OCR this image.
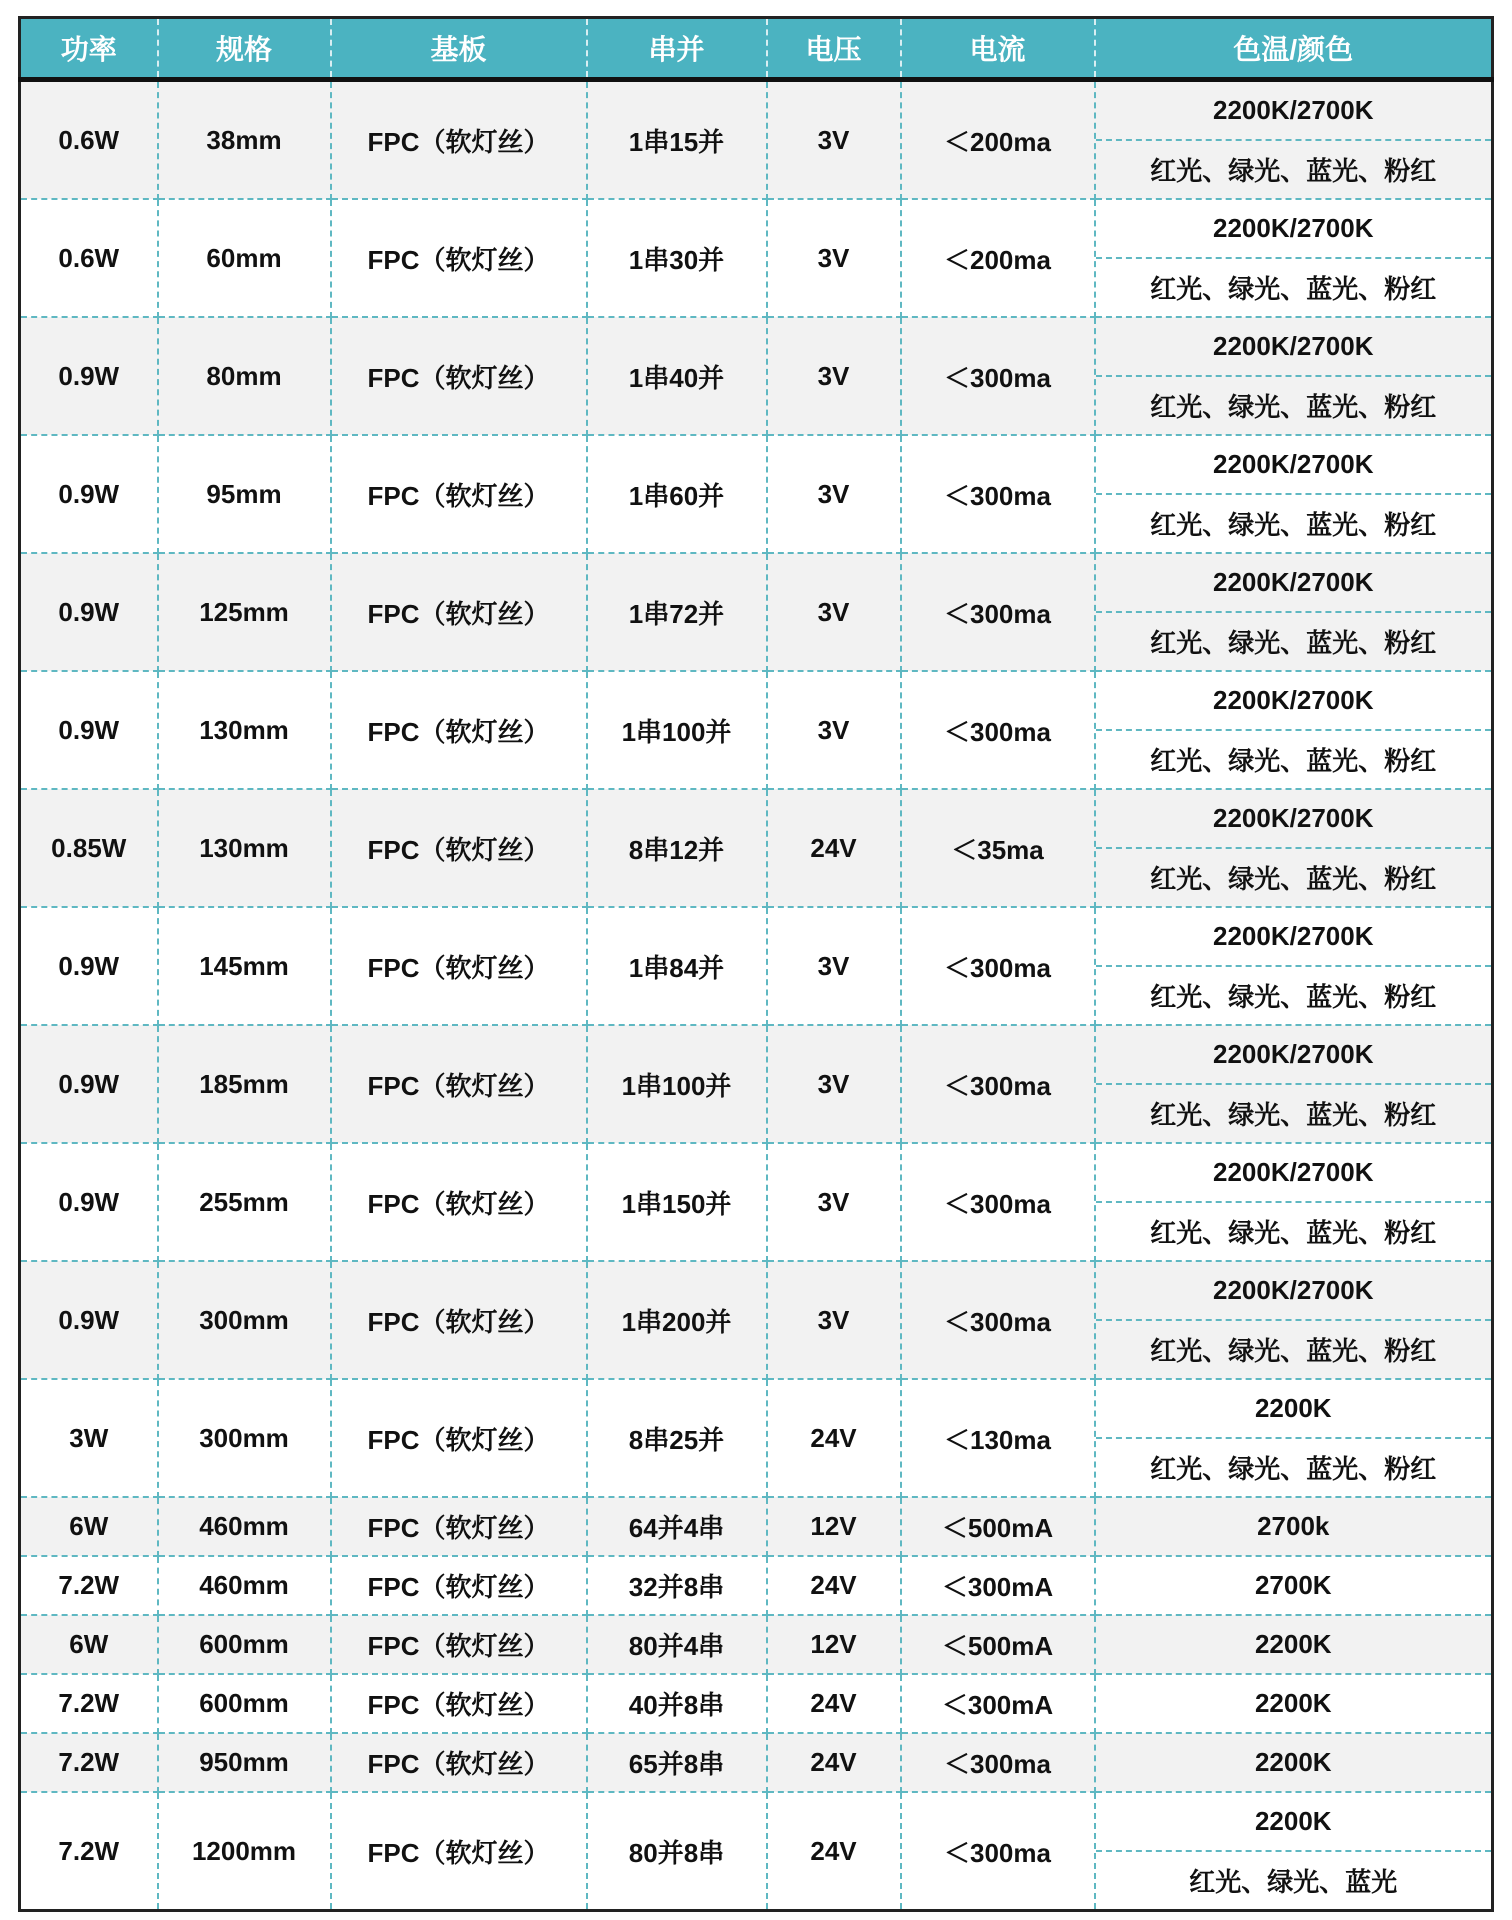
功率	规格	基板	串并	电压	电流	色温/颜色
0.6W	38mm	FPC（软灯丝）	1串15并	3V	＜200ma	2200K/2700K
红光、绿光、蓝光、粉红

0.6W	60mm	FPC（软灯丝）	1串30并	3V	＜200ma	2200K/2700K
红光、绿光、蓝光、粉红

0.9W	80mm	FPC（软灯丝）	1串40并	3V	＜300ma	2200K/2700K
红光、绿光、蓝光、粉红

0.9W	95mm	FPC（软灯丝）	1串60并	3V	＜300ma	2200K/2700K
红光、绿光、蓝光、粉红

0.9W	125mm	FPC（软灯丝）	1串72并	3V	＜300ma	2200K/2700K
红光、绿光、蓝光、粉红

0.9W	130mm	FPC（软灯丝）	1串100并	3V	＜300ma	2200K/2700K
红光、绿光、蓝光、粉红

0.85W	130mm	FPC（软灯丝）	8串12并	24V	＜35ma	2200K/2700K
红光、绿光、蓝光、粉红

0.9W	145mm	FPC（软灯丝）	1串84并	3V	＜300ma	2200K/2700K
红光、绿光、蓝光、粉红

0.9W	185mm	FPC（软灯丝）	1串100并	3V	＜300ma	2200K/2700K
红光、绿光、蓝光、粉红

0.9W	255mm	FPC（软灯丝）	1串150并	3V	＜300ma	2200K/2700K
红光、绿光、蓝光、粉红

0.9W	300mm	FPC（软灯丝）	1串200并	3V	＜300ma	2200K/2700K
红光、绿光、蓝光、粉红

3W	300mm	FPC（软灯丝）	8串25并	24V	＜130ma	2200K
红光、绿光、蓝光、粉红

6W	460mm	FPC（软灯丝）	64并4串	12V	＜500mA	2700k

7.2W	460mm	FPC（软灯丝）	32并8串	24V	＜300mA	2700K

6W	600mm	FPC（软灯丝）	80并4串	12V	＜500mA	2200K

7.2W	600mm	FPC（软灯丝）	40并8串	24V	＜300mA	2200K

7.2W	950mm	FPC（软灯丝）	65并8串	24V	＜300ma	2200K

7.2W	1200mm	FPC（软灯丝）	80并8串	24V	＜300ma	2200K
红光、绿光、蓝光
